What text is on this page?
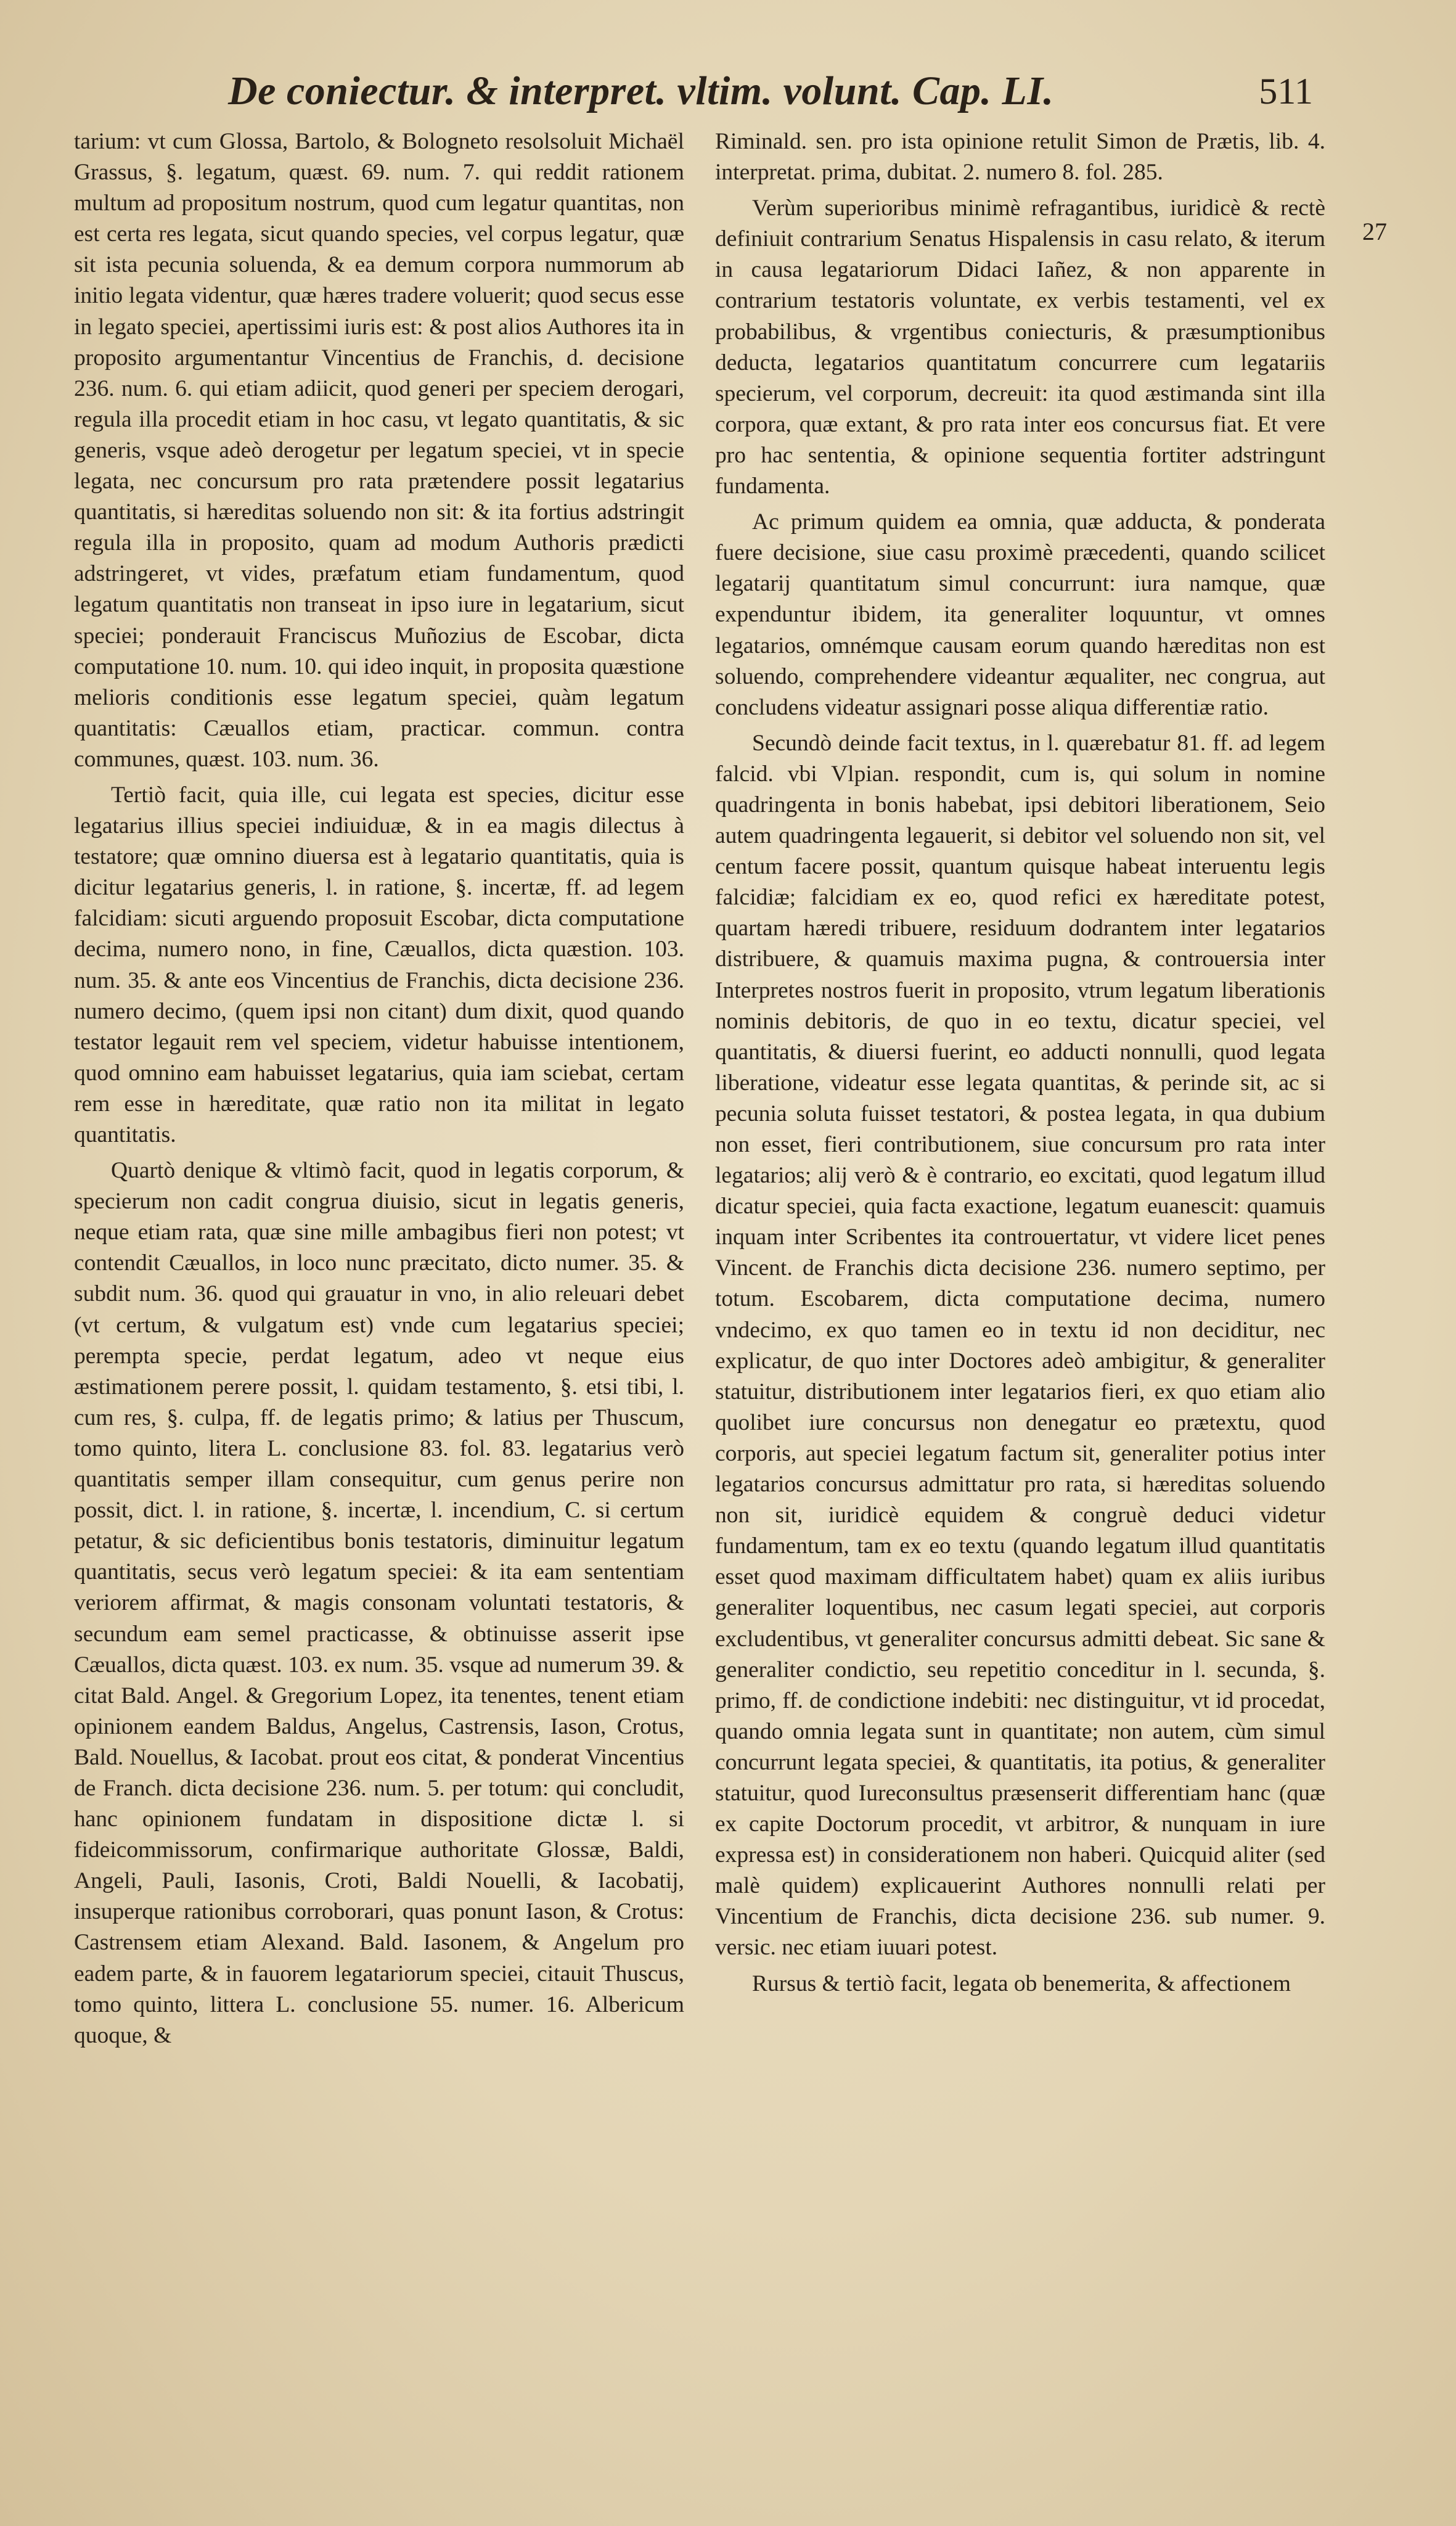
De coniectur. & interpret. vltim. volunt. Cap. LI.	511
27

tarium: vt cum Glossa, Bartolo, & Bologneto resolsoluit Michaël Grassus, §. legatum, quæst. 69. num. 7. qui reddit rationem multum ad propositum nostrum, quod cum legatur quantitas, non est certa res legata, sicut quando species, vel corpus legatur, quæ sit ista pecunia soluenda, & ea demum corpora nummorum ab initio legata videntur, quæ hæres tradere voluerit; quod secus esse in legato speciei, apertissimi iuris est: & post alios Authores ita in proposito argumentantur Vincentius de Franchis, d. decisione 236. num. 6. qui etiam adiicit, quod generi per speciem derogari, regula illa procedit etiam in hoc casu, vt legato quantitatis, & sic generis, vsque adeò derogetur per legatum speciei, vt in specie legata, nec concursum pro rata prætendere possit legatarius quantitatis, si hæreditas soluendo non sit: & ita fortius adstringit regula illa in proposito, quam ad modum Authoris prædicti adstringeret, vt vides, præfatum etiam fundamentum, quod legatum quantitatis non transeat in ipso iure in legatarium, sicut speciei; ponderauit Franciscus Muñozius de Escobar, dicta computatione 10. num. 10. qui ideo inquit, in proposita quæstione melioris conditionis esse legatum speciei, quàm legatum quantitatis: Cæuallos etiam, practicar. commun. contra communes, quæst. 103. num. 36.

Tertiò facit, quia ille, cui legata est species, dicitur esse legatarius illius speciei indiuiduæ, & in ea magis dilectus à testatore; quæ omnino diuersa est à legatario quantitatis, quia is dicitur legatarius generis, l. in ratione, §. incertæ, ff. ad legem falcidiam: sicuti arguendo proposuit Escobar, dicta computatione decima, numero nono, in fine, Cæuallos, dicta quæstion. 103. num. 35. & ante eos Vincentius de Franchis, dicta decisione 236. numero decimo, (quem ipsi non citant) dum dixit, quod quando testator legauit rem vel speciem, videtur habuisse intentionem, quod omnino eam habuisset legatarius, quia iam sciebat, certam rem esse in hæreditate, quæ ratio non ita militat in legato quantitatis.

Quartò denique & vltimò facit, quod in legatis corporum, & specierum non cadit congrua diuisio, sicut in legatis generis, neque etiam rata, quæ sine mille ambagibus fieri non potest; vt contendit Cæuallos, in loco nunc præcitato, dicto numer. 35. & subdit num. 36. quod qui grauatur in vno, in alio releuari debet (vt certum, & vulgatum est) vnde cum legatarius speciei; perempta specie, perdat legatum, adeo vt neque eius æstimationem perere possit, l. quidam testamento, §. etsi tibi, l. cum res, §. culpa, ff. de legatis primo; & latius per Thuscum, tomo quinto, litera L. conclusione 83. fol. 83. legatarius verò quantitatis semper illam consequitur, cum genus perire non possit, dict. l. in ratione, §. incertæ, l. incendium, C. si certum petatur, & sic deficientibus bonis testatoris, diminuitur legatum quantitatis, secus verò legatum speciei: & ita eam sententiam veriorem affirmat, & magis consonam voluntati testatoris, & secundum eam semel practicasse, & obtinuisse asserit ipse Cæuallos, dicta quæst. 103. ex num. 35. vsque ad numerum 39. & citat Bald. Angel. & Gregorium Lopez, ita tenentes, tenent etiam opinionem eandem Baldus, Angelus, Castrensis, Iason, Crotus, Bald. Nouellus, & Iacobat. prout eos citat, & ponderat Vincentius de Franch. dicta decisione 236. num. 5. per totum: qui concludit, hanc opinionem fundatam in dispositione dictæ l. si fideicommissorum, confirmarique authoritate Glossæ, Baldi, Angeli, Pauli, Iasonis, Croti, Baldi Nouelli, & Iacobatij, insuperque rationibus corroborari, quas ponunt Iason, & Crotus: Castrensem etiam Alexand. Bald. Iasonem, & Angelum pro eadem parte, & in fauorem legatariorum speciei, citauit Thuscus, tomo quinto, littera L. conclusione 55. numer. 16. Albericum quoque, &

Riminald. sen. pro ista opinione retulit Simon de Prætis, lib. 4. interpretat. prima, dubitat. 2. numero 8. fol. 285.

Verùm superioribus minimè refragantibus, iuridicè & rectè definiuit contrarium Senatus Hispalensis in casu relato, & iterum in causa legatariorum Didaci Iañez, & non apparente in contrarium testatoris voluntate, ex verbis testamenti, vel ex probabilibus, & vrgentibus coniecturis, & præsumptionibus deducta, legatarios quantitatum concurrere cum legatariis specierum, vel corporum, decreuit: ita quod æstimanda sint illa corpora, quæ extant, & pro rata inter eos concursus fiat. Et vere pro hac sententia, & opinione sequentia fortiter adstringunt fundamenta.

Ac primum quidem ea omnia, quæ adducta, & ponderata fuere decisione, siue casu proximè præcedenti, quando scilicet legatarij quantitatum simul concurrunt: iura namque, quæ expenduntur ibidem, ita generaliter loquuntur, vt omnes legatarios, omnémque causam eorum quando hæreditas non est soluendo, comprehendere videantur æqualiter, nec congrua, aut concludens videatur assignari posse aliqua differentiæ ratio.

Secundò deinde facit textus, in l. quærebatur 81. ff. ad legem falcid. vbi Vlpian. respondit, cum is, qui solum in nomine quadringenta in bonis habebat, ipsi debitori liberationem, Seio autem quadringenta legauerit, si debitor vel soluendo non sit, vel centum facere possit, quantum quisque habeat interuentu legis falcidiæ; falcidiam ex eo, quod refici ex hæreditate potest, quartam hæredi tribuere, residuum dodrantem inter legatarios distribuere, & quamuis maxima pugna, & controuersia inter Interpretes nostros fuerit in proposito, vtrum legatum liberationis nominis debitoris, de quo in eo textu, dicatur speciei, vel quantitatis, & diuersi fuerint, eo adducti nonnulli, quod legata liberatione, videatur esse legata quantitas, & perinde sit, ac si pecunia soluta fuisset testatori, & postea legata, in qua dubium non esset, fieri contributionem, siue concursum pro rata inter legatarios; alij verò & è contrario, eo excitati, quod legatum illud dicatur speciei, quia facta exactione, legatum euanescit: quamuis inquam inter Scribentes ita controuertatur, vt videre licet penes Vincent. de Franchis dicta decisione 236. numero septimo, per totum. Escobarem, dicta computatione decima, numero vndecimo, ex quo tamen eo in textu id non deciditur, nec explicatur, de quo inter Doctores adeò ambigitur, & generaliter statuitur, distributionem inter legatarios fieri, ex quo etiam alio quolibet iure concursus non denegatur eo prætextu, quod corporis, aut speciei legatum factum sit, generaliter potius inter legatarios concursus admittatur pro rata, si hæreditas soluendo non sit, iuridicè equidem & congruè deduci videtur fundamentum, tam ex eo textu (quando legatum illud quantitatis esset quod maximam difficultatem habet) quam ex aliis iuribus generaliter loquentibus, nec casum legati speciei, aut corporis excludentibus, vt generaliter concursus admitti debeat. Sic sane & generaliter condictio, seu repetitio conceditur in l. secunda, §. primo, ff. de condictione indebiti: nec distinguitur, vt id procedat, quando omnia legata sunt in quantitate; non autem, cùm simul concurrunt legata speciei, & quantitatis, ita potius, & generaliter statuitur, quod Iureconsultus præsenserit differentiam hanc (quæ ex capite Doctorum procedit, vt arbitror, & nunquam in iure expressa est) in considerationem non haberi. Quicquid aliter (sed malè quidem) explicauerint Authores nonnulli relati per Vincentium de Franchis, dicta decisione 236. sub numer. 9. versic. nec etiam iuuari potest.

Rursus & tertiò facit, legata ob benemerita, & affectionem
